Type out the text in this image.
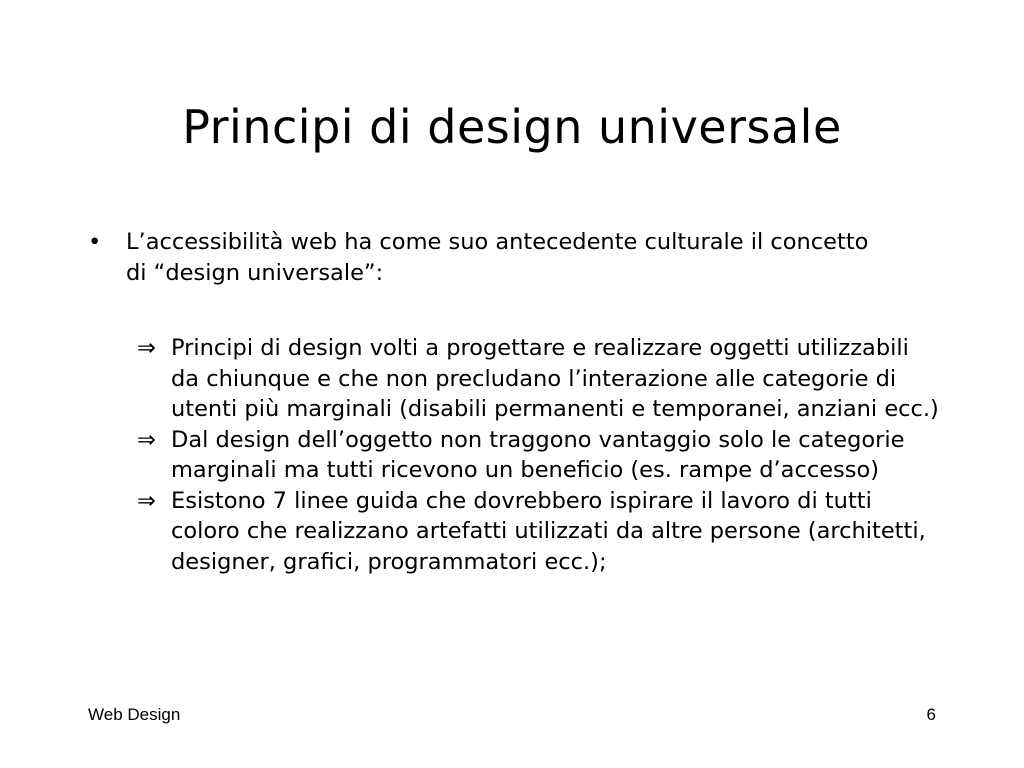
Principi di design universale
•	L’accessibilità web ha come suo antecedente culturale il concetto di “design universale”:
⇒ Principi di design volti a progettare e realizzare oggetti utilizzabili da chiunque e che non precludano l’interazione alle categorie di utenti più marginali (disabili permanenti e temporanei, anziani ecc.)
⇒ Dal design dell’oggetto non traggono vantaggio solo le categorie marginali ma tutti ricevono un beneficio (es. rampe d’accesso)
⇒ Esistono 7 linee guida che dovrebbero ispirare il lavoro di tutti coloro che realizzano artefatti utilizzati da altre persone (architetti, designer, grafici, programmatori ecc.);
Web Design	6
